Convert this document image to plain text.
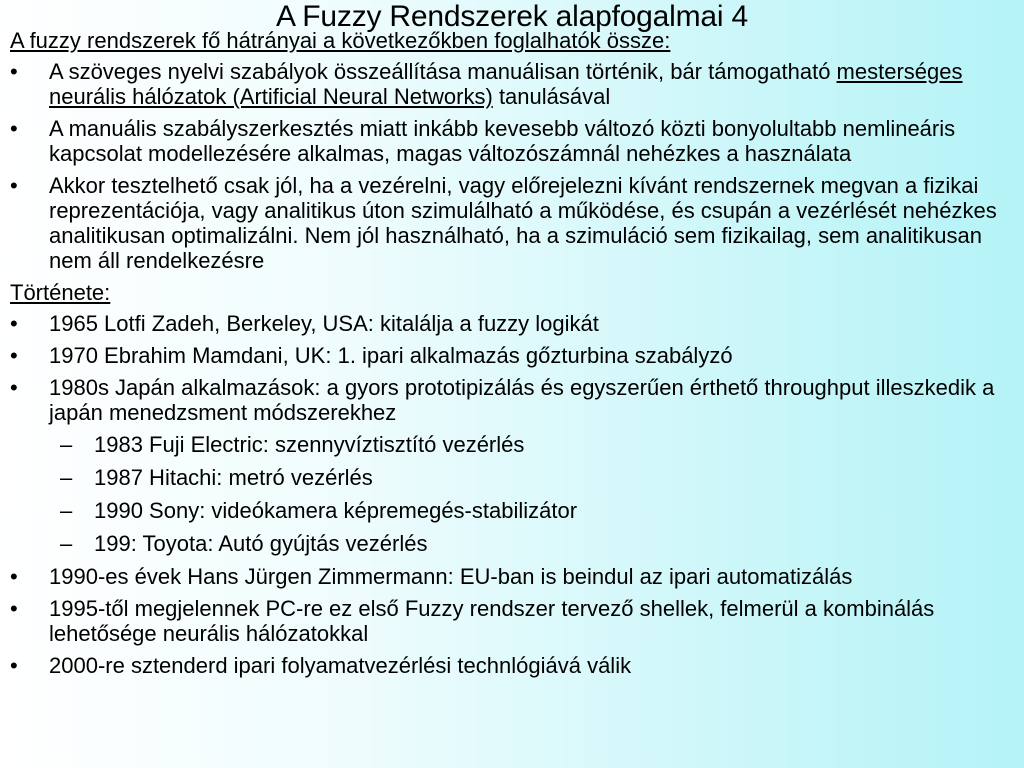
A Fuzzy Rendszerek alapfogalmai 4
A fuzzy rendszerek fő hátrányai a következőkben foglalhatók össze:
•	A szöveges nyelvi szabályok összeállítása manuálisan történik, bár támogatható mesterséges neurális hálózatok (Artificial Neural Networks) tanulásával
•	A manuális szabályszerkesztés miatt inkább kevesebb változó közti bonyolultabb nemlineáris kapcsolat modellezésére alkalmas, magas változószámnál nehézkes a használata
•	Akkor tesztelhető csak jól, ha a vezérelni, vagy előrejelezni kívánt rendszernek megvan a fizikai reprezentációja, vagy analitikus úton szimulálható a működése, és csupán a vezérlését nehézkes analitikusan optimalizálni. Nem jól használható, ha a szimuláció sem fizikailag, sem analitikusan nem áll rendelkezésre
Története:
•	1965 Lotfi Zadeh, Berkeley, USA: kitalálja a fuzzy logikát
•	1970 Ebrahim Mamdani, UK: 1. ipari alkalmazás gőzturbina szabályzó
•	1980s Japán alkalmazások: a gyors prototipizálás és egyszerűen érthető throughput illeszkedik a japán menedzsment módszerekhez
– 1983 Fuji Electric: szennyvíztisztító vezérlés
– 1987 Hitachi: metró vezérlés
– 1990 Sony: videókamera képremegés-stabilizátor
– 199: Toyota: Autó gyújtás vezérlés
•	1990-es évek Hans Jürgen Zimmermann: EU-ban is beindul az ipari automatizálás
•	1995-től megjelennek PC-re ez első Fuzzy rendszer tervező shellek, felmerül a kombinálás lehetősége neurális hálózatokkal
•	2000-re sztenderd ipari folyamatvezérlési technlógiává válik
